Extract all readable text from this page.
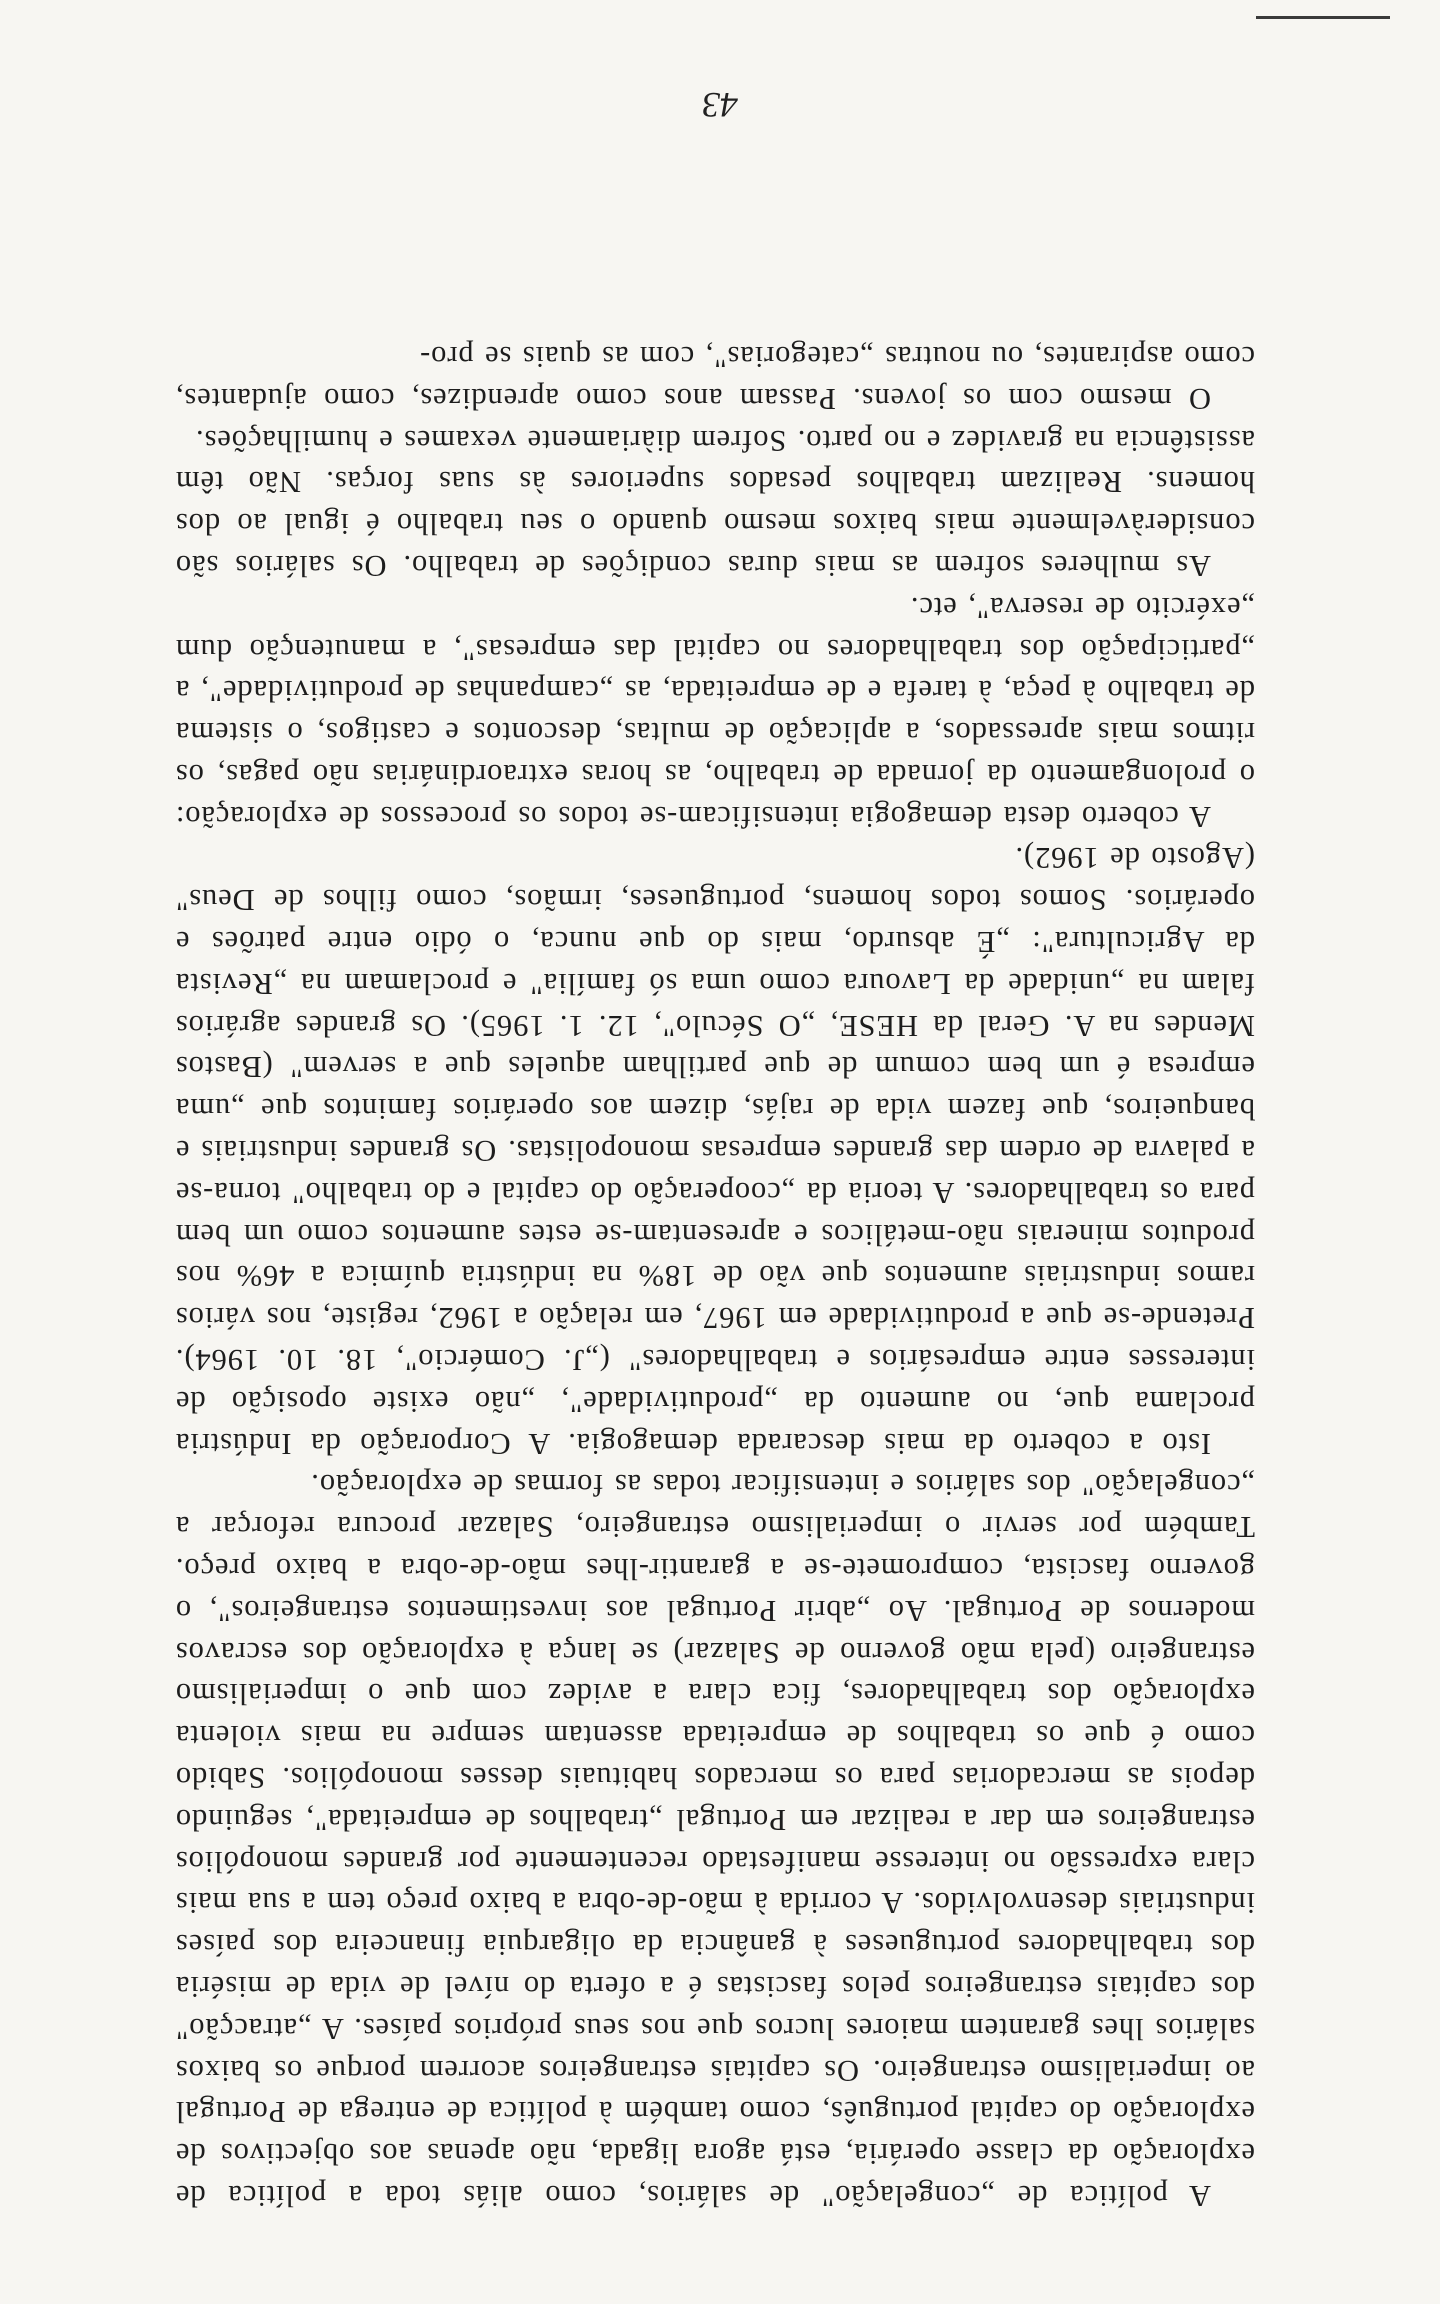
A política de „congelação" de salários, como aliás toda a política de exploração da classe operária, está agora ligada, não apenas aos objectivos de exploração do capital português, como também à política de entrega de Portugal ao imperialismo estrangeiro. Os capitais estrangeiros acorrem porque os baixos salários lhes garantem maiores lucros que nos seus próprios países. A „atracção" dos capitais estrangeiros pelos fascistas é a oferta do nível de vida de miséria dos trabalhadores portugueses à ganância da oligarquia financeira dos países industriais desenvolvidos. A corrida à mão-de-obra a baixo preço tem a sua mais clara expressão no interesse manifestado recentemente por grandes monopólios estrangeiros em dar a realizar em Portugal „trabalhos de empreitada", seguindo depois as mercadorias para os mercados habituais desses monopólios. Sabido como é que os trabalhos de empreitada assentam sempre na mais violenta exploração dos trabalhadores, fica clara a avidez com que o imperialismo estrangeiro (pela mão governo de Salazar) se lança à exploração dos escravos modernos de Portugal. Ao „abrir Portugal aos investimentos estrangeiros", o governo fascista, compromete-se a garantir-lhes mão-de-obra a baixo preço. Também por servir o imperialismo estrangeiro, Salazar procura reforçar a „congelação" dos salários e intensificar todas as formas de exploração.

Isto a coberto da mais descarada demagogia. A Corporação da Indústria proclama que, no aumento da „produtividade", „não existe oposição de interesses entre empresários e trabalhadores" („J. Comércio", 18. 10. 1964). Pretende-se que a produtividade em 1967, em relação a 1962, registe, nos vários ramos industriais aumentos que vão de 18% na indústria química a 46% nos produtos minerais não-metálicos e apresentam-se estes aumentos como um bem para os trabalhadores. A teoria da „cooperação do capital e do trabalho" torna-se a palavra de ordem das grandes empresas monopolistas. Os grandes industriais e banqueiros, que fazem vida de rajás, dizem aos operários famintos que „uma empresa é um bem comum de que partilham aqueles que a servem" (Bastos Mendes na A. Geral da HESE, „O Século", 12. 1. 1965). Os grandes agrários falam na „unidade da Lavoura como uma só família" e proclamam na „Revista da Agricultura": „É absurdo, mais do que nunca, o ódio entre patrões e operários. Somos todos homens, portugueses, irmãos, como filhos de Deus" (Agosto de 1962).

A coberto desta demagogia intensificam-se todos os processos de exploração: o prolongamento da jornada de trabalho, as horas extraordinárias não pagas, os ritmos mais apressados, a aplicação de multas, descontos e castigos, o sistema de trabalho à peça, à tarefa e de empreitada, as „campanhas de produtividade", a „participação dos trabalhadores no capital das empresas", a manutenção dum „exército de reserva", etc.

As mulheres sofrem as mais duras condições de trabalho. Os salários são consideràvelmente mais baixos mesmo quando o seu trabalho é igual ao dos homens. Realizam trabalhos pesados superiores às suas forças. Não têm assistência na gravidez e no parto. Sofrem diàriamente vexames e humilhações.

O mesmo com os jovens. Passam anos como aprendizes, como ajudantes, como aspirantes, ou noutras „categorias", com as quais se pro-

43
